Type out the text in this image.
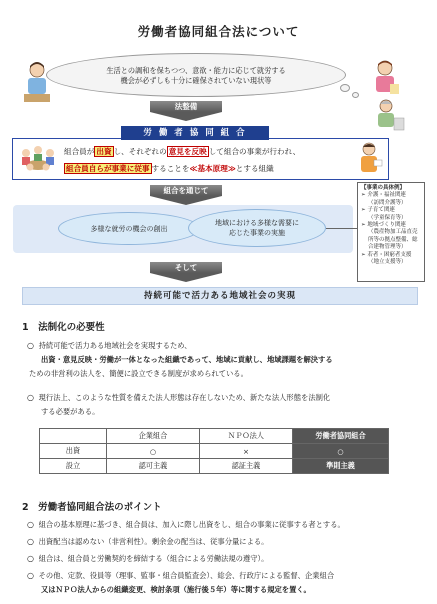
労働者協同組合法について
生活との調和を保ちつつ、意欲・能力に応じて就労する
機会が必ずしも十分に確保されていない現状等
法整備
労 働 者 協 同 組 合
組合員が 出資 し、それぞれの 意見を反映 して組合の事業が行われ、
組合員自らが事業に従事 することを≪基本原理≫とする組織
組合を通じて
多様な就労の機会の創出
地域における多様な需要に
応じた事業の実施
【事業の具体例】
➢ 介護・福祉関連
（訪問介護等）
➢ 子育て関連
（学童保育等）
➢ 地域づくり関連
（農産物加工品直売
所等の拠点整備、総
合建物管理等）
➢ 若者・困窮者支援
（地立支援等）
そして
持続可能で活力ある地域社会の実現
1　法制化の必要性
○ 持続可能で活力ある地域社会を実現するため、
出資・意見反映・労働が一体となった組織であって、地域に貢献し、地域課題を解決する
ための非営利の法人を、簡便に設立できる制度が求められている。
○ 現行法上、このような性質を備えた法人形態は存在しないため、新たな法人形態を法制化
する必要がある。
	企業組合	ＮＰＯ法人	労働者協同組合
出資	○	×	○
設立	認可主義	認証主義	準則主義
2　労働者協同組合法のポイント
○ 組合の基本原理に基づき、組合員は、加入に際し出資をし、組合の事業に従事する者とする。
○ 出資配当は認めない（非営利性）。剰余金の配当は、従事分量による。
○ 組合は、組合員と労働契約を締結する（組合による労働法規の遵守）。
○ その他、定款、役員等（理事、監事・組合員監査会）、総会、行政庁による監督、企業組合
又はＮＰＯ法人からの組織変更、検討条項（施行後５年）等に関する規定を置く。
